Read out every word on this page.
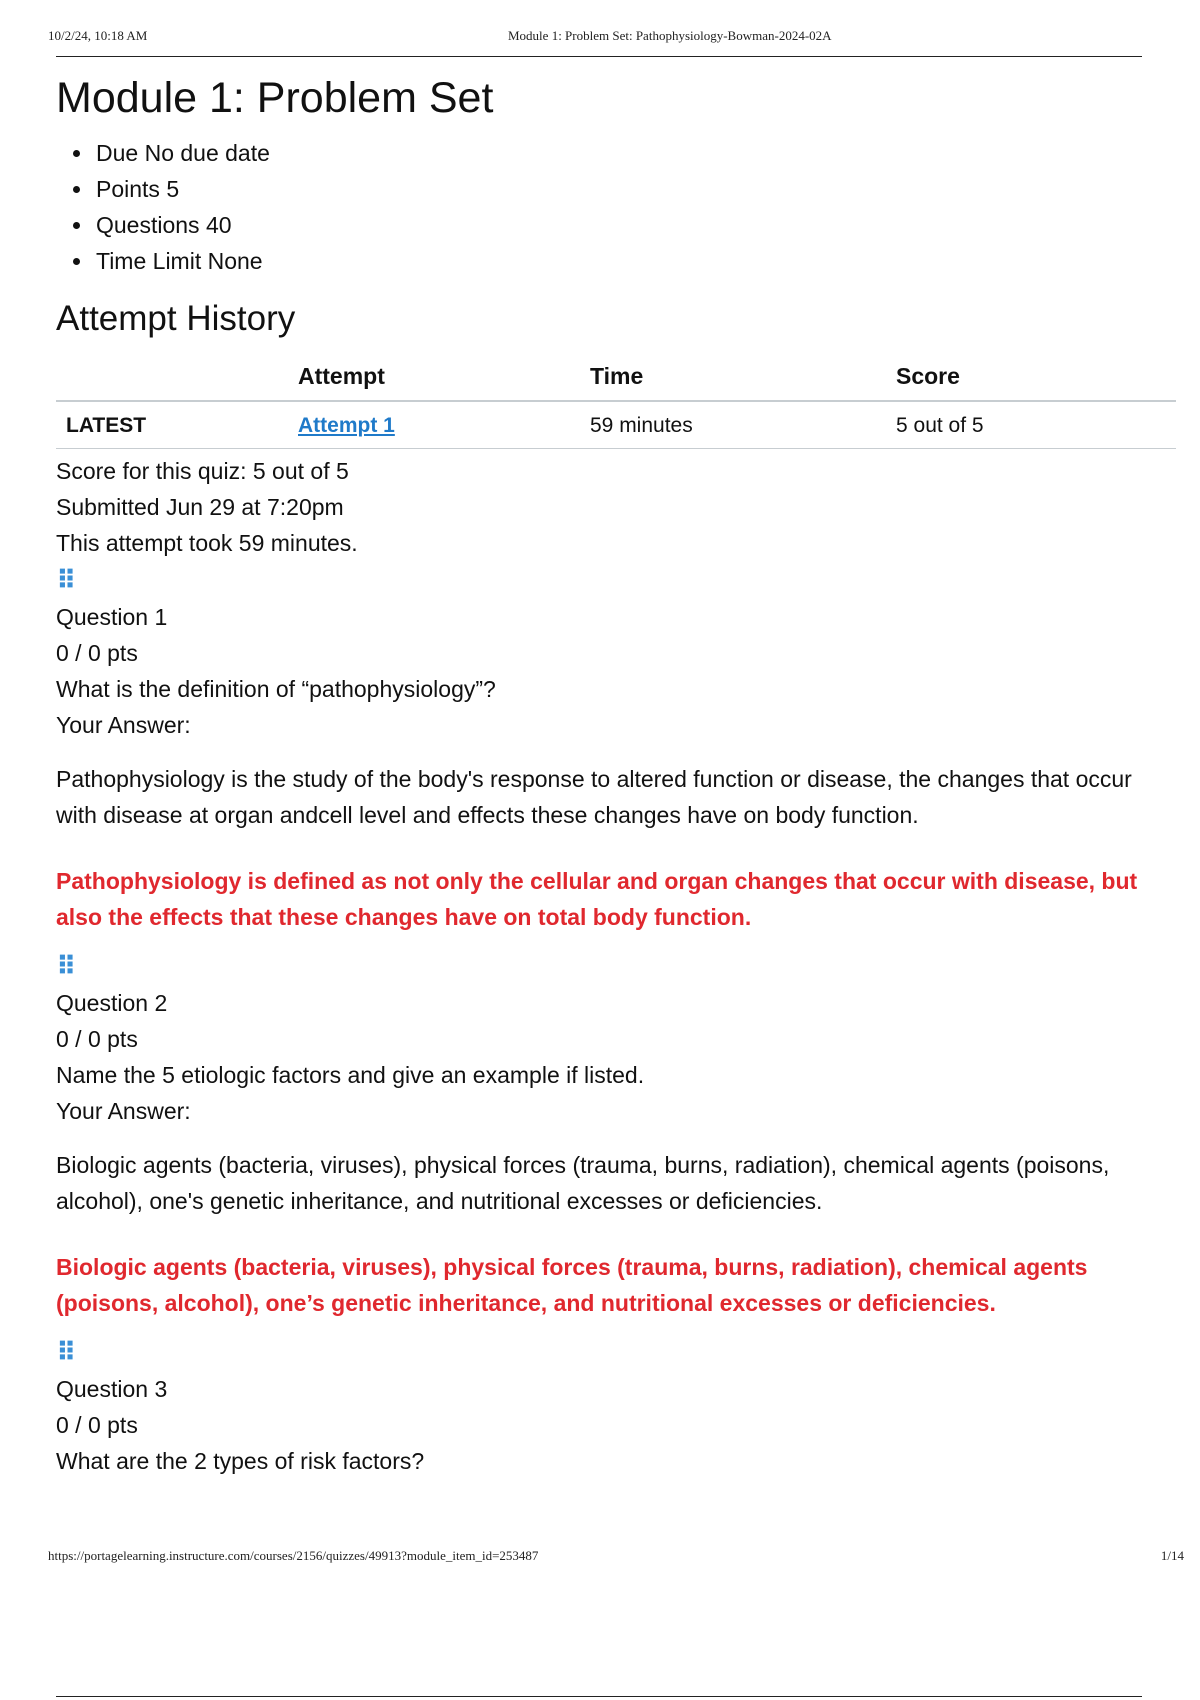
10/2/24, 10:18 AM	Module 1: Problem Set: Pathophysiology-Bowman-2024-02A
Module 1: Problem Set
• Due No due date
• Points 5
• Questions 40
• Time Limit None
Attempt History
	Attempt	Time	Score
LATEST	Attempt 1	59 minutes	5 out of 5
Score for this quiz: 5 out of 5
Submitted Jun 29 at 7:20pm
This attempt took 59 minutes.
⠿
Question 1
0 / 0 pts
What is the definition of “pathophysiology”?
Your Answer:
Pathophysiology is the study of the body's response to altered function or disease, the changes that occur with disease at organ andcell level and effects these changes have on body function.
Pathophysiology is defined as not only the cellular and organ changes that occur with disease, but also the effects that these changes have on total body function.
⠿
Question 2
0 / 0 pts
Name the 5 etiologic factors and give an example if listed.
Your Answer:
Biologic agents (bacteria, viruses), physical forces (trauma, burns, radiation), chemical agents (poisons, alcohol), one's genetic inheritance, and nutritional excesses or deficiencies.
Biologic agents (bacteria, viruses), physical forces (trauma, burns, radiation), chemical agents (poisons, alcohol), one’s genetic inheritance, and nutritional excesses or deficiencies.
⠿
Question 3
0 / 0 pts
What are the 2 types of risk factors?
https://portagelearning.instructure.com/courses/2156/quizzes/49913?module_item_id=253487	1/14
